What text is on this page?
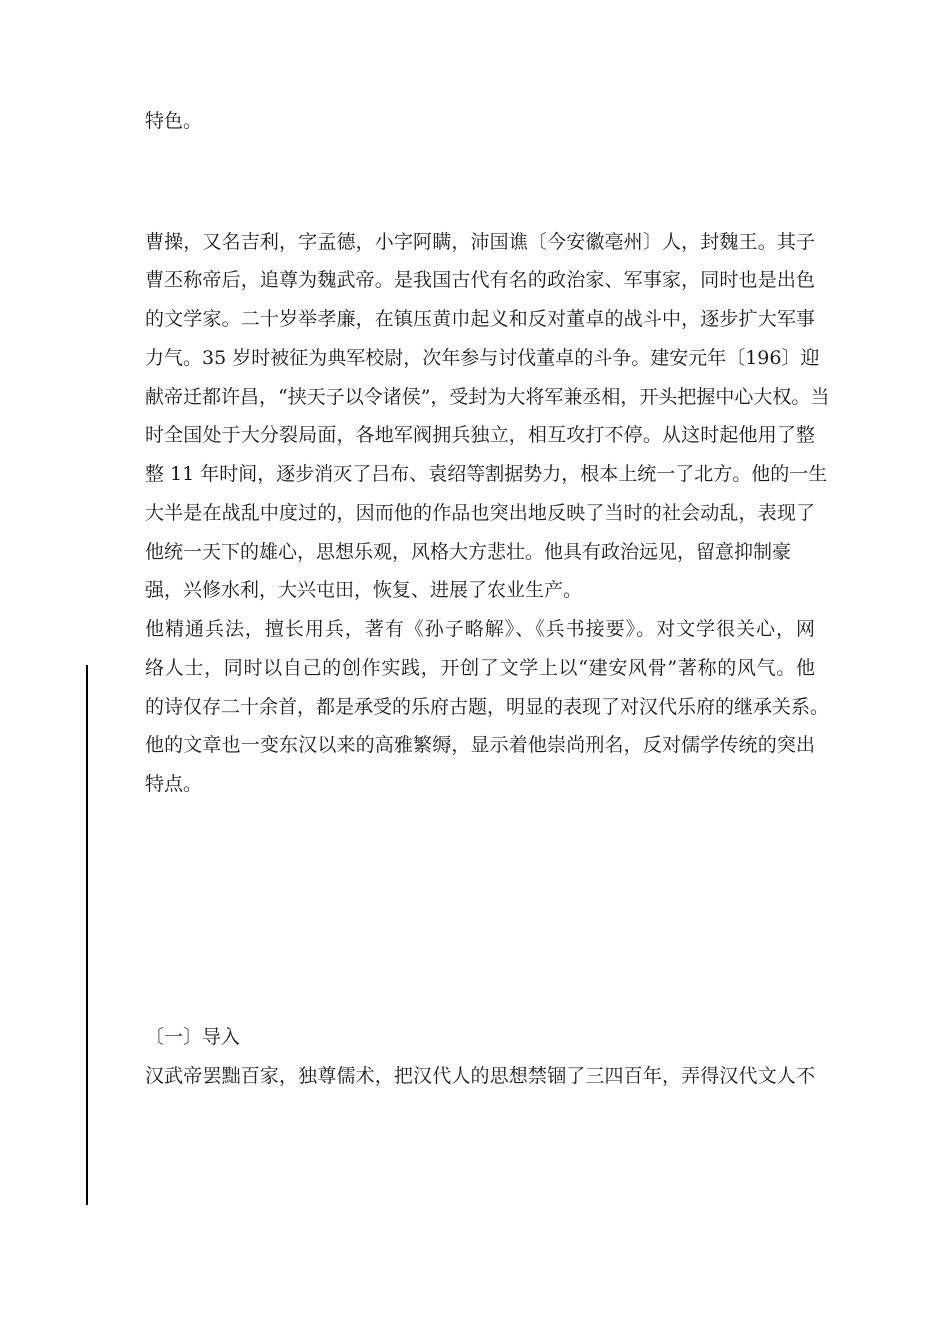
特色。
曹操，又名吉利，字孟德，小字阿瞒，沛国谯〔今安徽亳州〕人，封魏王。其子
曹丕称帝后，追尊为魏武帝。是我国古代有名的政治家、军事家，同时也是出色
的文学家。二十岁举孝廉，在镇压黄巾起义和反对董卓的战斗中，逐步扩大军事
力气。35 岁时被征为典军校尉，次年参与讨伐董卓的斗争。建安元年〔196〕迎
献帝迁都许昌，“挟天子以令诸侯”，受封为大将军兼丞相，开头把握中心大权。当
时全国处于大分裂局面，各地军阀拥兵独立，相互攻打不停。从这时起他用了整
整 11 年时间，逐步消灭了吕布、袁绍等割据势力，根本上统一了北方。他的一生
大半是在战乱中度过的，因而他的作品也突出地反映了当时的社会动乱，表现了
他统一天下的雄心，思想乐观，风格大方悲壮。他具有政治远见，留意抑制豪
强，兴修水利，大兴屯田，恢复、进展了农业生产。
他精通兵法，擅长用兵，著有《孙子略解》、《兵书接要》。对文学很关心，网
络人士，同时以自己的创作实践，开创了文学上以“建安风骨”著称的风气。他
的诗仅存二十余首，都是承受的乐府古题，明显的表现了对汉代乐府的继承关系。
他的文章也一变东汉以来的高雅繁缛，显示着他崇尚刑名，反对儒学传统的突出
特点。
〔一〕导入
汉武帝罢黜百家，独尊儒术，把汉代人的思想禁锢了三四百年，弄得汉代文人不
